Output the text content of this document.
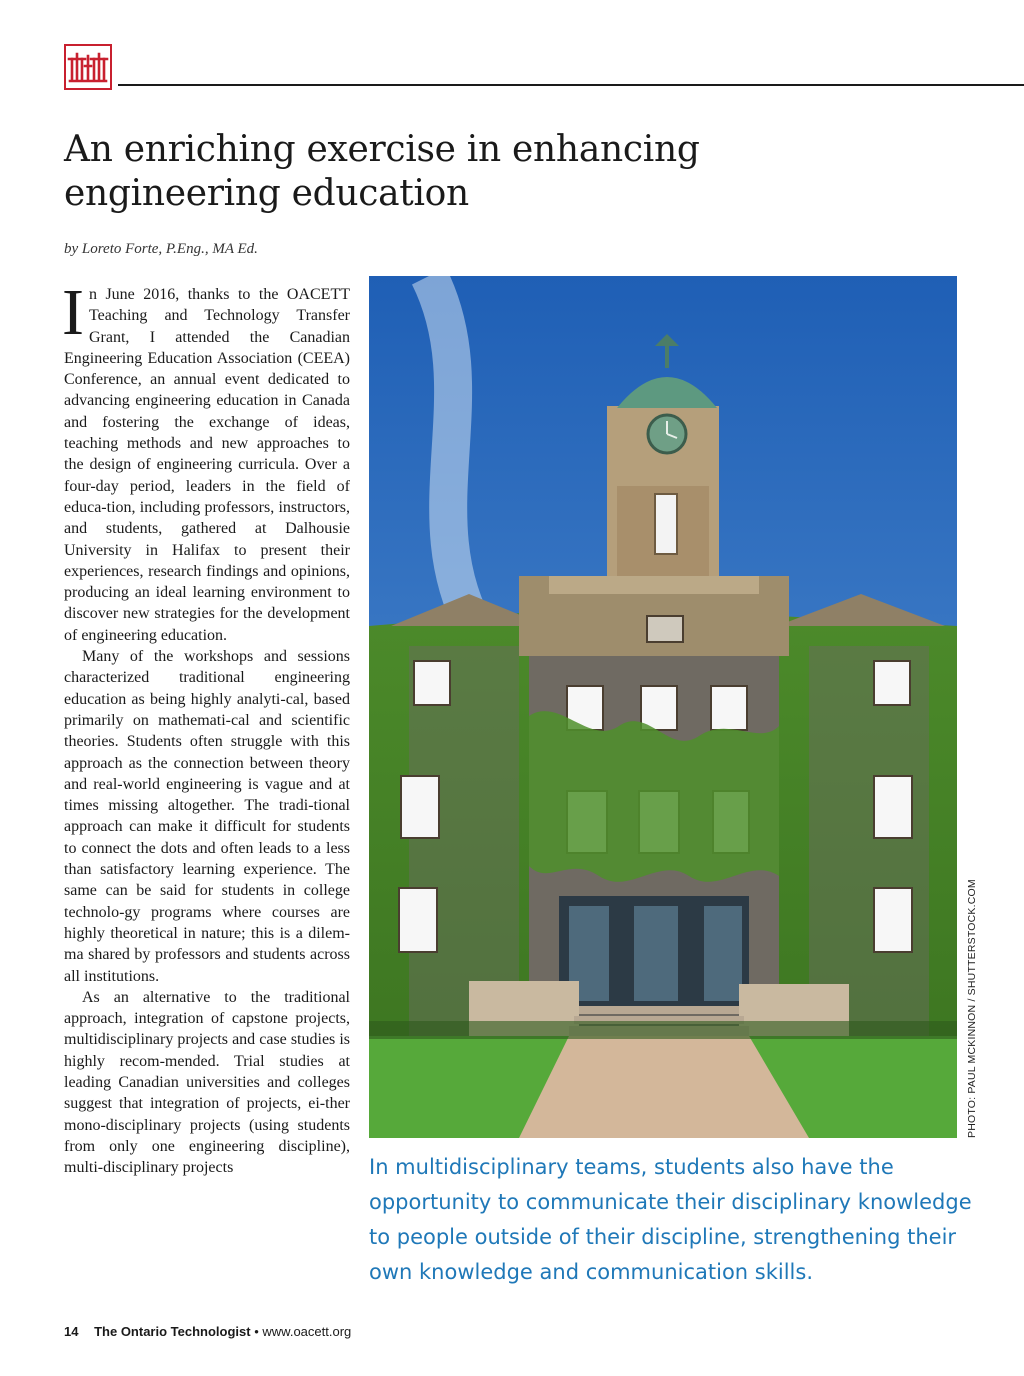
An enriching exercise in enhancing engineering education

by Loreto Forte, P.Eng., MA Ed.

In June 2016, thanks to the OACETT Teaching and Technology Transfer Grant, I attended the Canadian Engineering Education Association (CEEA) Conference, an annual event dedicated to advancing engineering education in Canada and fostering the exchange of ideas, teaching methods and new approaches to the design of engineering curricula. Over a four-day period, leaders in the field of educa-tion, including professors, instructors, and students, gathered at Dalhousie University in Halifax to present their experiences, research findings and opinions, producing an ideal learning environment to discover new strategies for the development of engineering education.

Many of the workshops and sessions characterized traditional engineering education as being highly analyti-cal, based primarily on mathemati-cal and scientific theories. Students often struggle with this approach as the connection between theory and real-world engineering is vague and at times missing altogether. The tradi-tional approach can make it difficult for students to connect the dots and often leads to a less than satisfactory learning experience. The same can be said for students in college technolo-gy programs where courses are highly theoretical in nature; this is a dilem-ma shared by professors and students across all institutions.

As an alternative to the traditional approach, integration of capstone projects, multidisciplinary projects and case studies is highly recom-mended. Trial studies at leading Canadian universities and colleges suggest that integration of projects, ei-ther mono-disciplinary projects (using students from only one engineering discipline), multi-disciplinary projects

PHOTO: PAUL MCKINNON / SHUTTERSTOCK.COM

In multidisciplinary teams, students also have the opportunity to communicate their disciplinary knowledge to people outside of their discipline, strengthening their own knowledge and communication skills.

14 The Ontario Technologist • www.oacett.org
